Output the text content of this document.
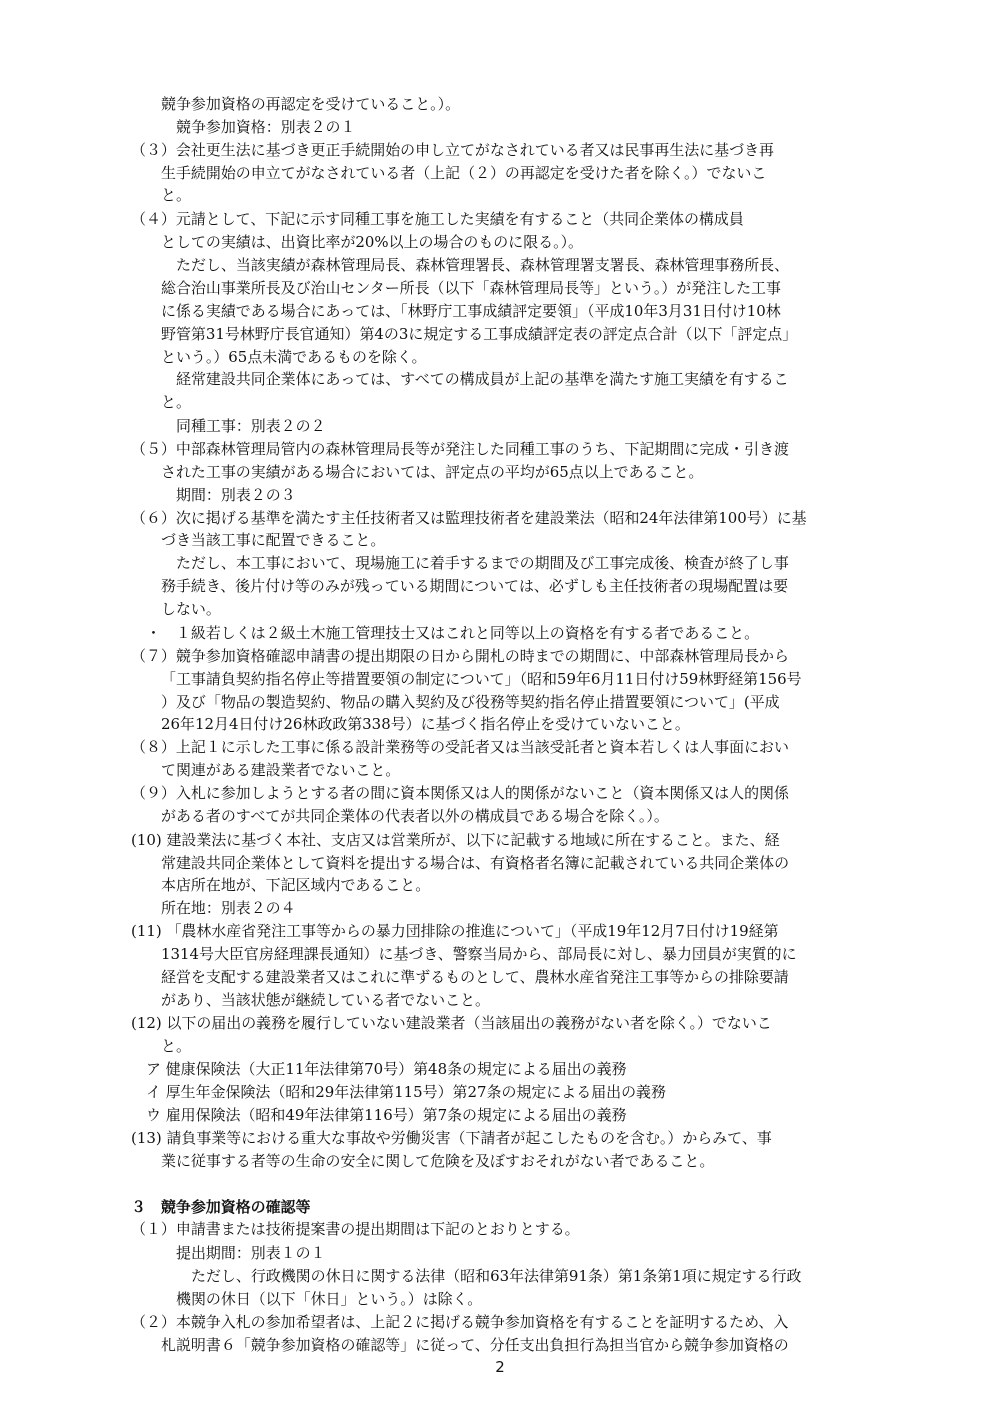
競争参加資格の再認定を受けていること。）。
競争参加資格：別表２の１
（３）会社更生法に基づき更正手続開始の申し立てがなされている者又は民事再生法に基づき再
生手続開始の申立てがなされている者（上記（２）の再認定を受けた者を除く。）でないこ
と。
（４）元請として、下記に示す同種工事を施工した実績を有すること（共同企業体の構成員
としての実績は、出資比率が20%以上の場合のものに限る。）。
ただし、当該実績が森林管理局長、森林管理署長、森林管理署支署長、森林管理事務所長、
総合治山事業所長及び治山センター所長（以下「森林管理局長等」という。）が発注した工事
に係る実績である場合にあっては、「林野庁工事成績評定要領」（平成10年3月31日付け10林
野管第31号林野庁長官通知）第4の3に規定する工事成績評定表の評定点合計（以下「評定点」
という。）65点未満であるものを除く。
経常建設共同企業体にあっては、すべての構成員が上記の基準を満たす施工実績を有するこ
と。
同種工事：別表２の２
（５）中部森林管理局管内の森林管理局長等が発注した同種工事のうち、下記期間に完成・引き渡
された工事の実績がある場合においては、評定点の平均が65点以上であること。
期間：別表２の３
（６）次に掲げる基準を満たす主任技術者又は監理技術者を建設業法（昭和24年法律第100号）に基
づき当該工事に配置できること。
ただし、本工事において、現場施工に着手するまでの期間及び工事完成後、検査が終了し事
務手続き、後片付け等のみが残っている期間については、必ずしも主任技術者の現場配置は要
しない。
・　１級若しくは２級土木施工管理技士又はこれと同等以上の資格を有する者であること。
（７）競争参加資格確認申請書の提出期限の日から開札の時までの期間に、中部森林管理局長から
「工事請負契約指名停止等措置要領の制定について」（昭和59年6月11日付け59林野経第156号
）及び「物品の製造契約、物品の購入契約及び役務等契約指名停止措置要領について」(平成
26年12月4日付け26林政政第338号）に基づく指名停止を受けていないこと。
（８）上記１に示した工事に係る設計業務等の受託者又は当該受託者と資本若しくは人事面におい
て関連がある建設業者でないこと。
（９）入札に参加しようとする者の間に資本関係又は人的関係がないこと（資本関係又は人的関係
がある者のすべてが共同企業体の代表者以外の構成員である場合を除く。）。
(10) 建設業法に基づく本社、支店又は営業所が、以下に記載する地域に所在すること。また、経
常建設共同企業体として資料を提出する場合は、有資格者名簿に記載されている共同企業体の
本店所在地が、下記区域内であること。
所在地：別表２の４
(11) 「農林水産省発注工事等からの暴力団排除の推進について」（平成19年12月7日付け19経第
1314号大臣官房経理課長通知）に基づき、警察当局から、部局長に対し、暴力団員が実質的に
経営を支配する建設業者又はこれに準ずるものとして、農林水産省発注工事等からの排除要請
があり、当該状態が継続している者でないこと。
(12) 以下の届出の義務を履行していない建設業者（当該届出の義務がない者を除く。）でないこ
と。
ア 健康保険法（大正11年法律第70号）第48条の規定による届出の義務
イ 厚生年金保険法（昭和29年法律第115号）第27条の規定による届出の義務
ウ 雇用保険法（昭和49年法律第116号）第7条の規定による届出の義務
(13) 請負事業等における重大な事故や労働災害（下請者が起こしたものを含む。）からみて、事
業に従事する者等の生命の安全に関して危険を及ぼすおそれがない者であること。
３　競争参加資格の確認等
（１）申請書または技術提案書の提出期間は下記のとおりとする。
提出期間：別表１の１
ただし、行政機関の休日に関する法律（昭和63年法律第91条）第1条第1項に規定する行政
機関の休日（以下「休日」という。）は除く。
（２）本競争入札の参加希望者は、上記２に掲げる競争参加資格を有することを証明するため、入
札説明書６「競争参加資格の確認等」に従って、分任支出負担行為担当官から競争参加資格の
2
